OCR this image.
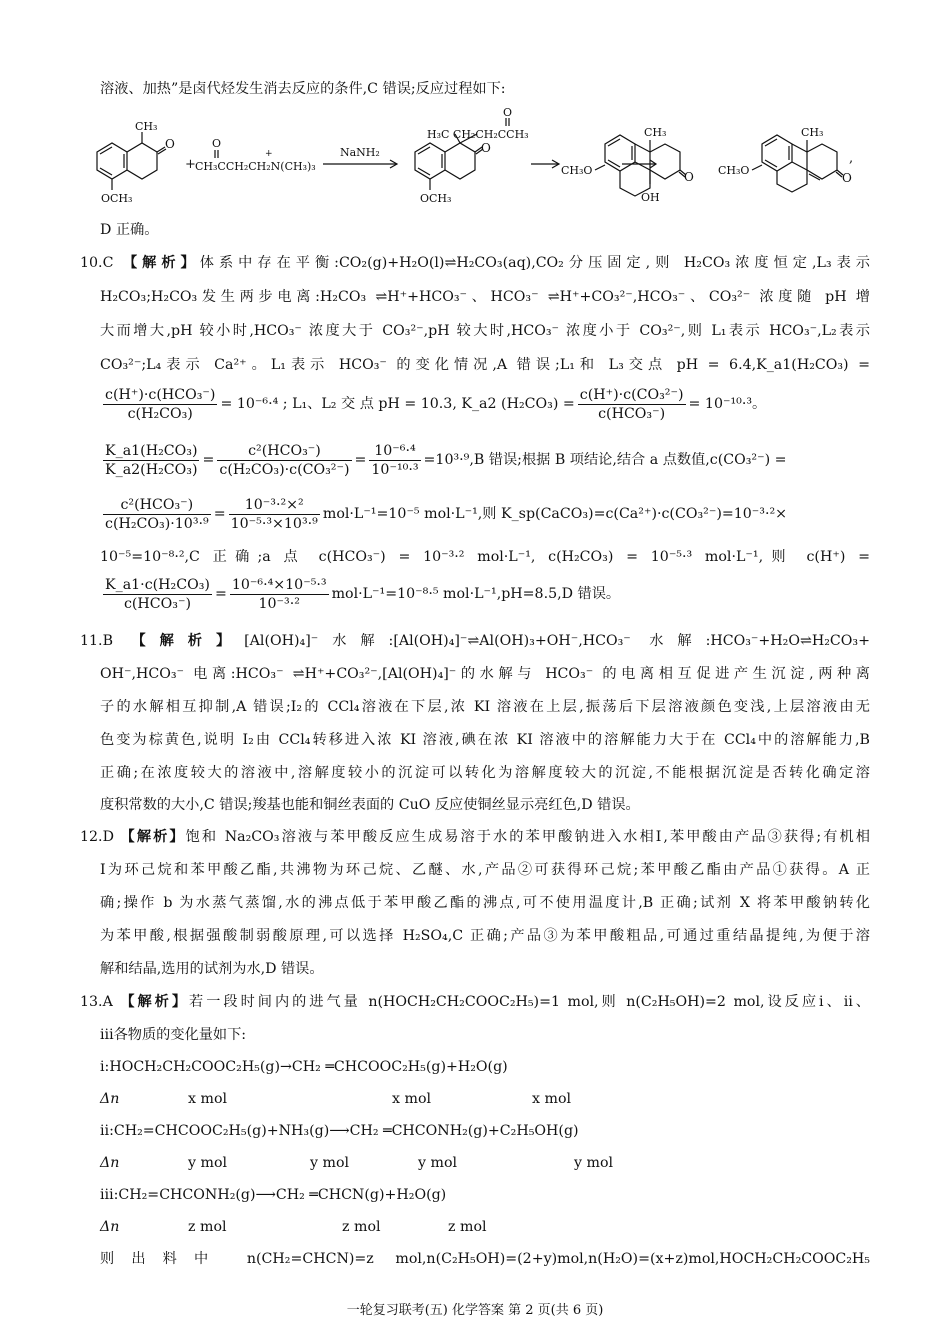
溶液、加热”是卤代烃发生消去反应的条件,C 错误;反应过程如下:
CH₃
O
OCH₃
+
O
CH₃CCH₂CH₂N(CH₃)₃
+	NaNH₂
H₃C CH₂CH₂CCH₃
O
O
OCH₃
CH₃O
CH₃
OH
O CH₃O
CH₃
O
,
D 正确。
10.C 【解析】体系中存在平衡:CO₂(g)+H₂O(l)⇌H₂CO₃(aq),CO₂分压固定,则 H₂CO₃浓度恒定,L₃表示
H₂CO₃;H₂CO₃发生两步电离:H₂CO₃ ⇌H⁺+HCO₃⁻、HCO₃⁻ ⇌H⁺+CO₃²⁻,HCO₃⁻、CO₃²⁻ 浓度随 pH 增
大而增大,pH 较小时,HCO₃⁻ 浓度大于 CO₃²⁻,pH 较大时,HCO₃⁻ 浓度小于 CO₃²⁻,则 L₁表示 HCO₃⁻,L₂表示
CO₃²⁻;L₄表示 Ca²⁺。L₁表示 HCO₃⁻ 的变化情况,A 错误;L₁和 L₃交点 pH = 6.4,K_a1(H₂CO₃) =
$\frac{\text{c(H⁺)·c(HCO₃⁻)}}{\text{c(H₂CO₃)}} = 10^{-6}\cdot^4$ ; L₁、L₂ 交 点 pH = 10.3, K_a2 $(H_2CO_3) = \frac{\text{c(H⁺)·c(CO₃²⁻)}}{\text{c(HCO₃⁻)}} = 10^{-10}\cdot^3$。
$\frac{\text{K\_a1(H₂CO₃)}}{\text{K\_a2(H₂CO₃)}} = \frac{\text{c²(HCO₃⁻)}}{\text{c(H₂CO₃)·c(CO₃²⁻)}} = \frac{\text{10⁻⁶·⁴}}{\text{10⁻¹⁰·³}} =10^3\cdot^9,B$ 错误;根据 B 项结论,结合 a 点数值,c(CO₃²⁻) =
$\frac{\text{c²(HCO₃⁻)}}{\text{c(H₂CO₃)·10³·⁹}} = \frac{\text{10⁻³·²×²}}{\text{10⁻⁵·³×10³·⁹}} mol\cdot L^{-1}=10^{-5}$ mol·L⁻¹,则 K_sp(CaCO₃)=c(Ca²⁺)·c(CO₃²⁻)=10⁻³·²×
10⁻⁵=10⁻⁸·²,C 正确;a 点 c(HCO₃⁻) = 10⁻³·² mol·L⁻¹, c(H₂CO₃) = 10⁻⁵·³ mol·L⁻¹,则 c(H⁺) =
$\frac{\text{K\_a1·c(H₂CO₃)}}{\text{c(HCO₃⁻)}} = \frac{\text{10⁻⁶·⁴×10⁻⁵·³}}{\text{10⁻³·²}} mol\cdot L^{-1}=10^{-8}\cdot^5$ mol·L⁻¹,pH=8.5,D 错误。
11.B 【解析】[Al(OH)₄]⁻水解:[Al(OH)₄]⁻⇌Al(OH)₃+OH⁻,HCO₃⁻ 水解:HCO₃⁻+H₂O⇌H₂CO₃+
OH⁻,HCO₃⁻ 电离:HCO₃⁻ ⇌H⁺+CO₃²⁻,[Al(OH)₄]⁻的水解与 HCO₃⁻ 的电离相互促进产生沉淀,两种离
子的水解相互抑制,A 错误;I₂的 CCl₄溶液在下层,浓 KI 溶液在上层,振荡后下层溶液颜色变浅,上层溶液由无
色变为棕黄色,说明 I₂由 CCl₄转移进入浓 KI 溶液,碘在浓 KI 溶液中的溶解能力大于在 CCl₄中的溶解能力,B
正确;在浓度较大的溶液中,溶解度较小的沉淀可以转化为溶解度较大的沉淀,不能根据沉淀是否转化确定溶
度积常数的大小,C 错误;羧基也能和铜丝表面的 CuO 反应使铜丝显示亮红色,D 错误。
12.D 【解析】饱和 Na₂CO₃溶液与苯甲酸反应生成易溶于水的苯甲酸钠进入水相Ⅰ,苯甲酸由产品③获得;有机相
Ⅰ为环己烷和苯甲酸乙酯,共沸物为环己烷、乙醚、水,产品②可获得环己烷;苯甲酸乙酯由产品①获得。A 正
确;操作 b 为水蒸气蒸馏,水的沸点低于苯甲酸乙酯的沸点,可不使用温度计,B 正确;试剂 X 将苯甲酸钠转化
为苯甲酸,根据强酸制弱酸原理,可以选择 H₂SO₄,C 正确;产品③为苯甲酸粗品,可通过重结晶提纯,为便于溶
解和结晶,选用的试剂为水,D 错误。
13.A 【解析】若一段时间内的进气量 n(HOCH₂CH₂COOC₂H₅)=1 mol,则 n(C₂H₅OH)=2 mol,设反应ⅰ、ⅱ、
ⅲ各物质的变化量如下:
ⅰ:HOCH₂CH₂COOC₂H₅(g)→CH₂ ═CHCOOC₂H₅(g)+H₂O(g)
Δn	x mol	x mol	x mol
ⅱ:CH₂=CHCOOC₂H₅(g)+NH₃(g)⟶CH₂ ═CHCONH₂(g)+C₂H₅OH(g)
Δn	y mol	y mol	y mol	y mol
ⅲ:CH₂=CHCONH₂(g)⟶CH₂ ═CHCN(g)+H₂O(g)
Δn	z mol	z mol	z mol
则出料中 n(CH₂=CHCN)=z mol,n(C₂H₅OH)=(2+y)mol,n(H₂O)=(x+z)mol,HOCH₂CH₂COOC₂H₅
一轮复习联考(五) 化学答案 第 2 页(共 6 页)
